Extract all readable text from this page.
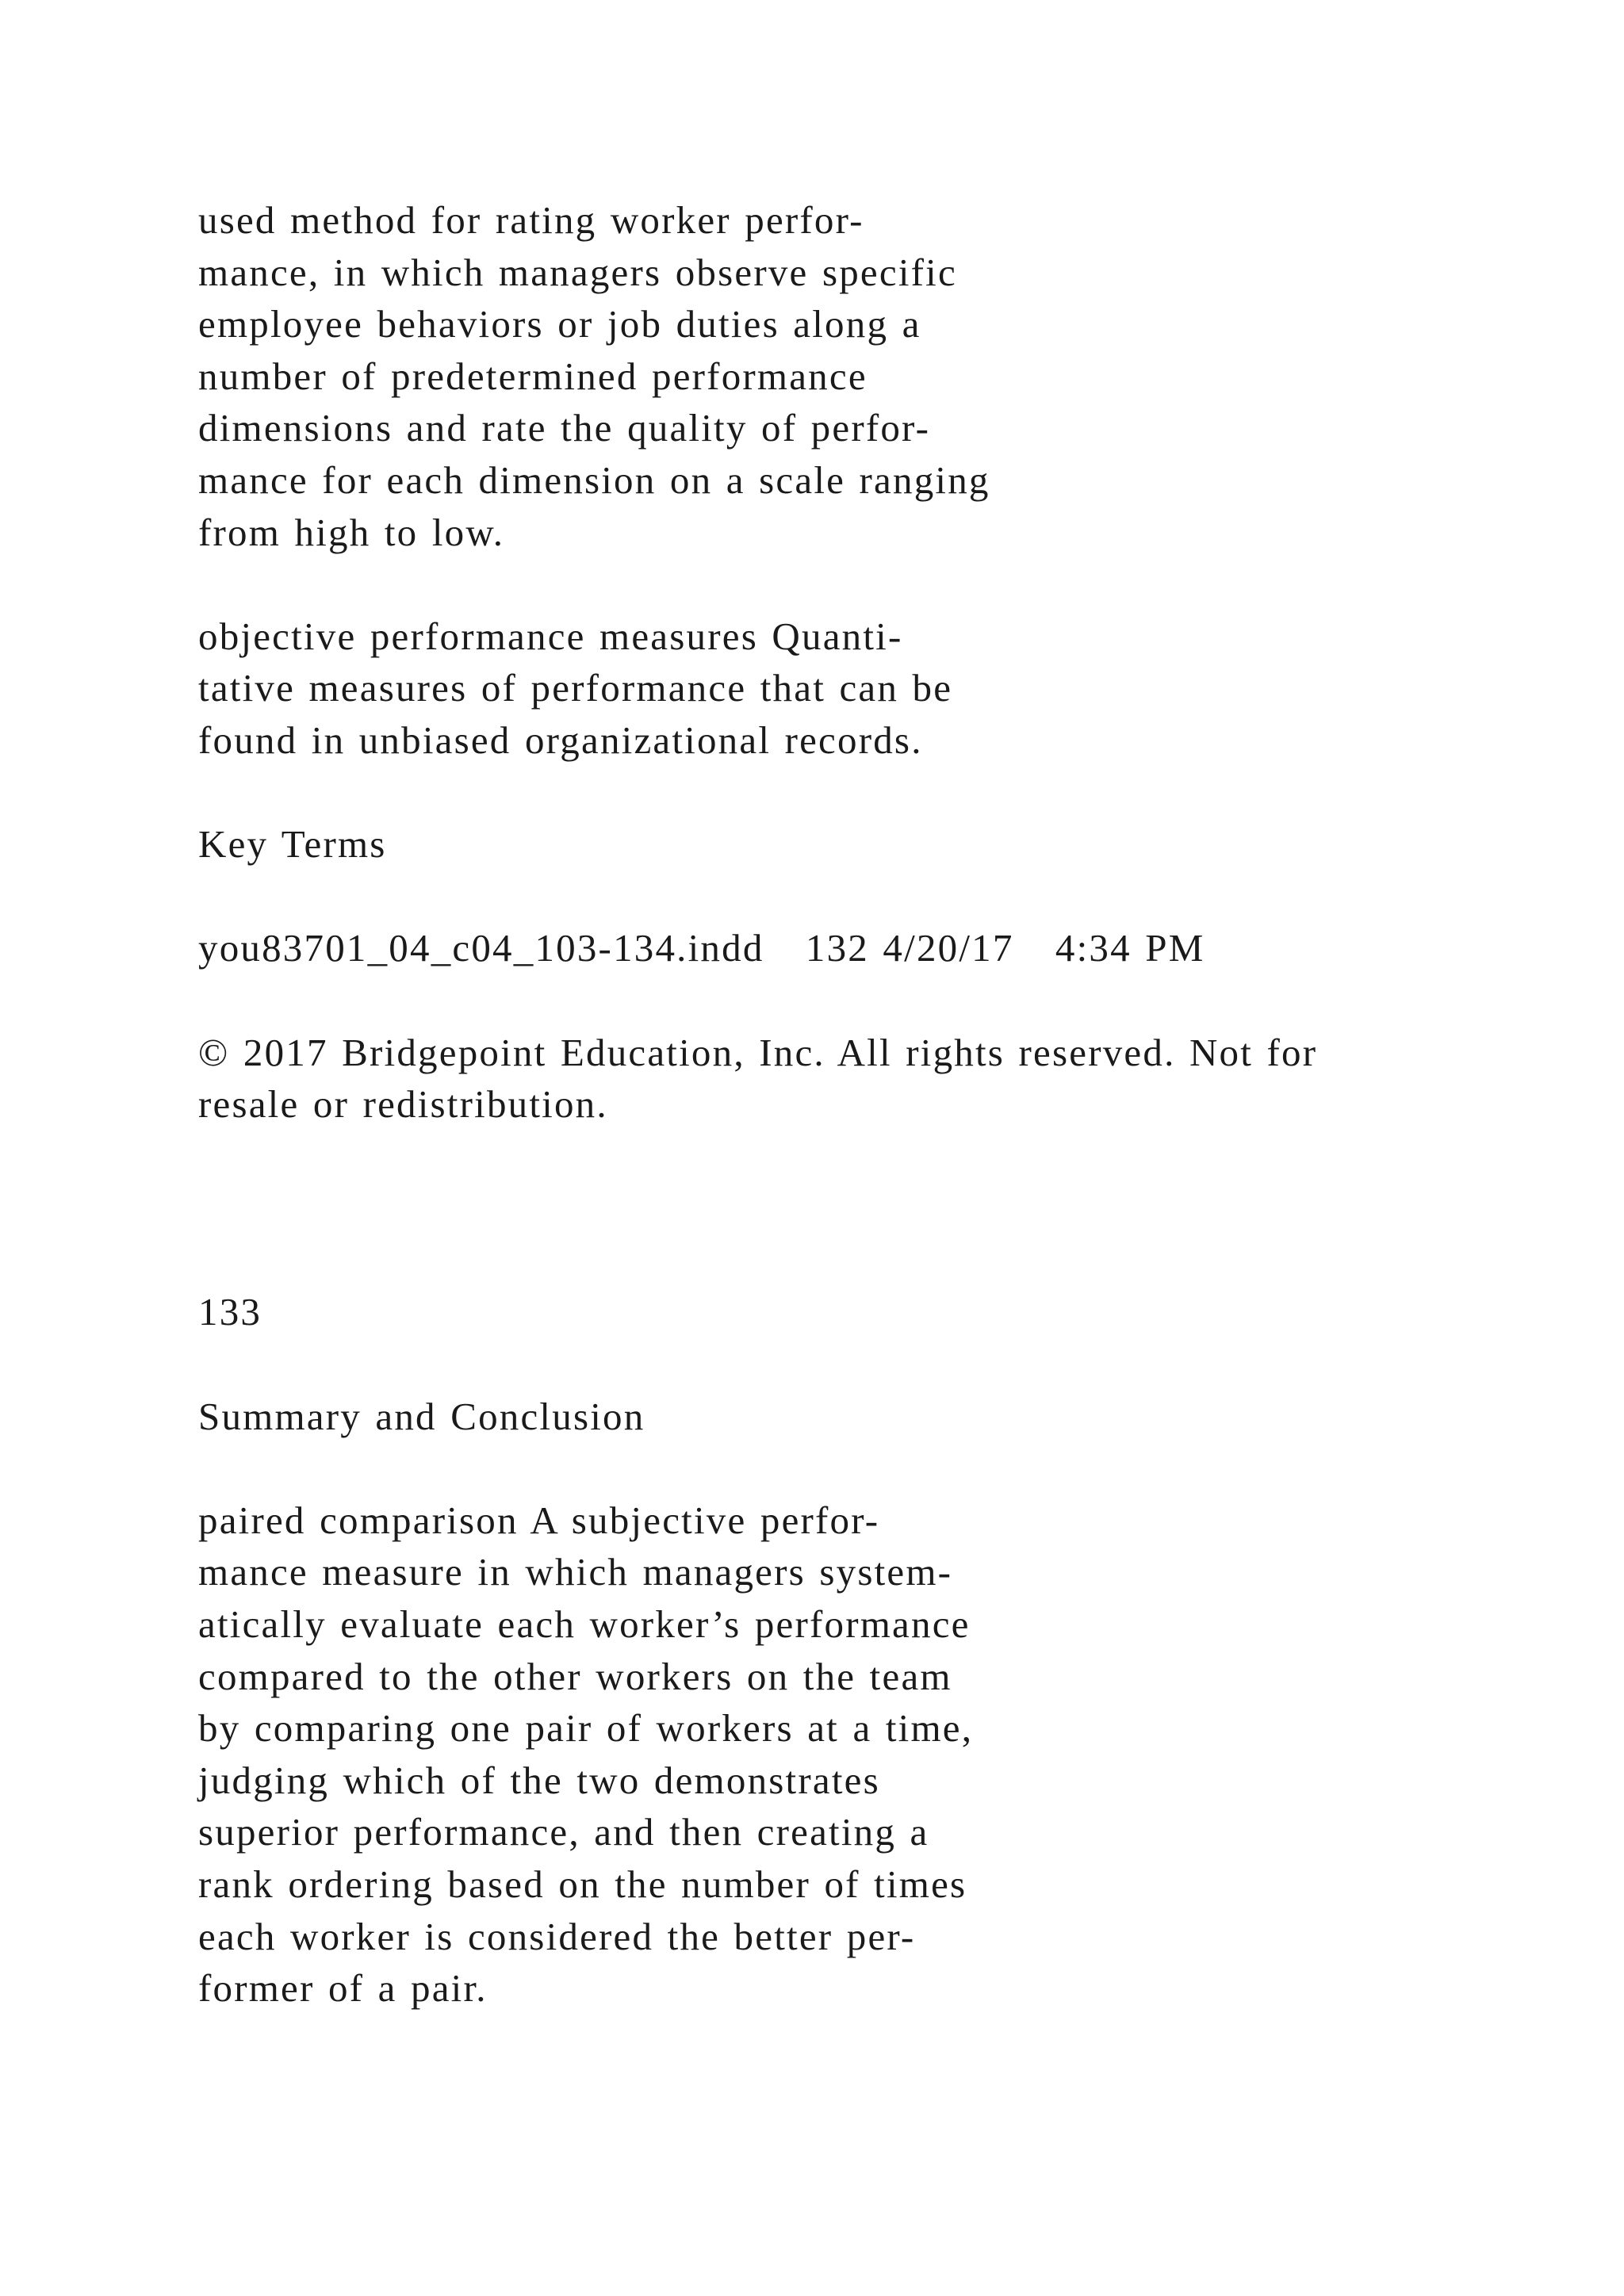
used method for rating worker perfor-
mance, in which managers observe specific
employee behaviors or job duties along a
number of predetermined performance
dimensions and rate the quality of perfor-
mance for each dimension on a scale ranging
from high to low.
objective performance measures Quanti-
tative measures of performance that can be
found in unbiased organizational records.
Key Terms
you83701_04_c04_103-134.indd   132 4/20/17   4:34 PM
© 2017 Bridgepoint Education, Inc. All rights reserved. Not for
resale or redistribution.
133
Summary and Conclusion
paired comparison A subjective perfor-
mance measure in which managers system-
atically evaluate each worker’s performance
compared to the other workers on the team
by comparing one pair of workers at a time,
judging which of the two demonstrates
superior performance, and then creating a
rank ordering based on the number of times
each worker is considered the better per-
former of a pair.
